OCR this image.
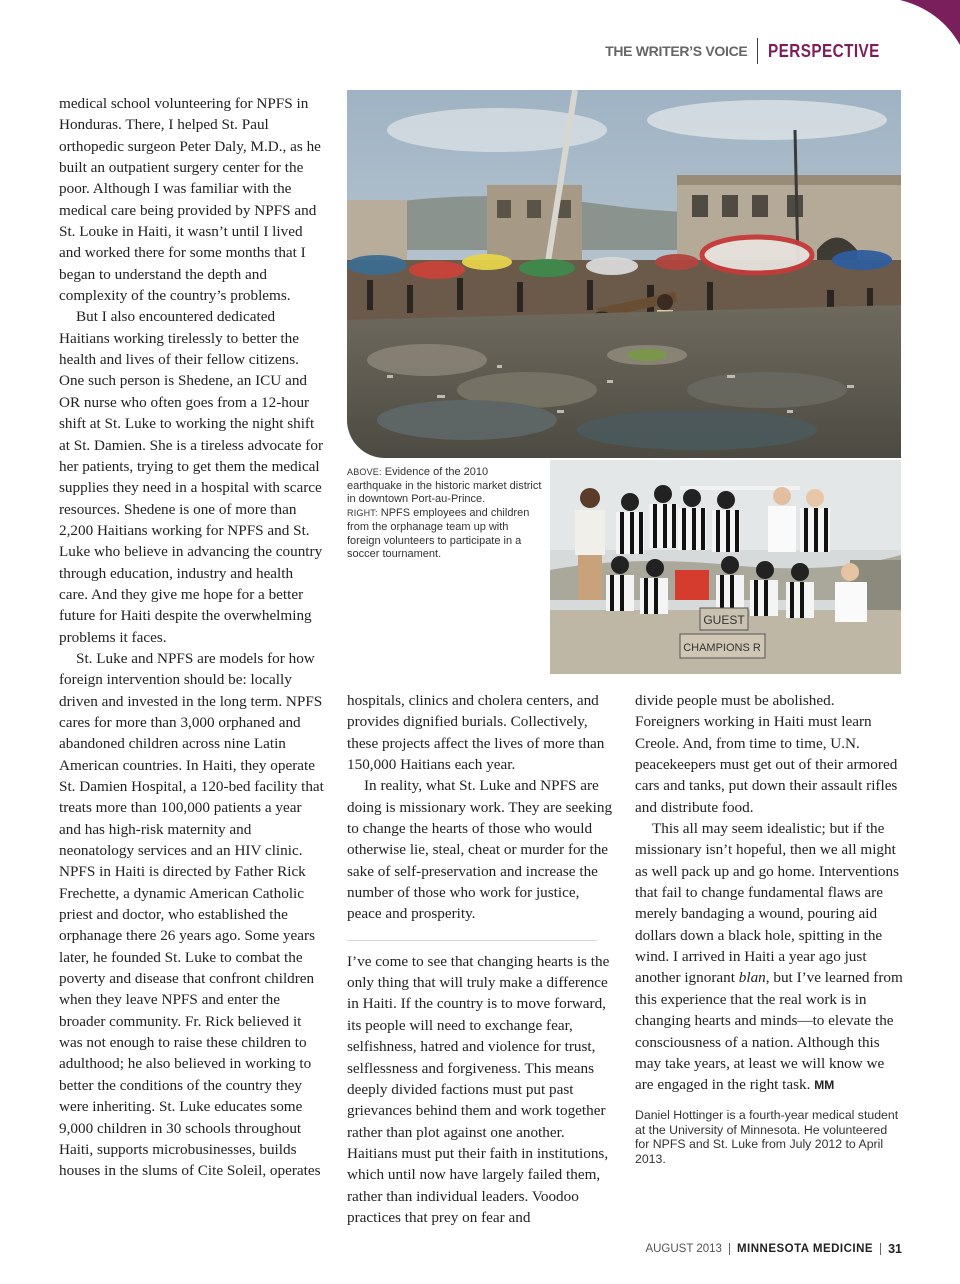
THE WRITER’S VOICE PERSPECTIVE

medical school volunteering for NPFS in Honduras. There, I helped St. Paul orthopedic surgeon Peter Daly, M.D., as he built an outpatient surgery center for the poor. Although I was familiar with the medical care being provided by NPFS and St. Louke in Haiti, it wasn’t until I lived and worked there for some months that I began to understand the depth and complexity of the country’s problems.

But I also encountered dedicated Haitians working tirelessly to better the health and lives of their fellow citizens. One such person is Shedene, an ICU and OR nurse who often goes from a 12-hour shift at St. Luke to working the night shift at St. Damien. She is a tireless advocate for her patients, trying to get them the medical supplies they need in a hospital with scarce resources. Shedene is one of more than 2,200 Haitians working for NPFS and St. Luke who believe in advancing the country through education, industry and health care. And they give me hope for a better future for Haiti despite the overwhelming problems it faces.

St. Luke and NPFS are models for how foreign intervention should be: locally driven and invested in the long term. NPFS cares for more than 3,000 orphaned and abandoned children across nine Latin American countries. In Haiti, they operate St. Damien Hospital, a 120-bed facility that treats more than 100,000 patients a year and has high-risk maternity and neonatology services and an HIV clinic. NPFS in Haiti is directed by Father Rick Frechette, a dynamic American Catholic priest and doctor, who established the orphanage there 26 years ago. Some years later, he founded St. Luke to combat the poverty and disease that confront children when they leave NPFS and enter the broader community. Fr. Rick believed it was not enough to raise these children to adulthood; he also believed in working to better the conditions of the country they were inheriting. St. Luke educates some 9,000 children in 30 schools throughout Haiti, supports microbusinesses, builds houses in the slums of Cite Soleil, operates

ABOVE: Evidence of the 2010 earthquake in the historic market district in downtown Port-au-Prince.
RIGHT: NPFS employees and children from the orphanage team up with foreign volunteers to participate in a soccer tournament.
GUEST
CHAMPIONS R

hospitals, clinics and cholera centers, and provides dignified burials. Collectively, these projects affect the lives of more than 150,000 Haitians each year.

In reality, what St. Luke and NPFS are doing is missionary work. They are seeking to change the hearts of those who would otherwise lie, steal, cheat or murder for the sake of self-preservation and increase the number of those who work for justice, peace and prosperity.

I’ve come to see that changing hearts is the only thing that will truly make a difference in Haiti. If the country is to move forward, its people will need to exchange fear, selfishness, hatred and violence for trust, selflessness and forgiveness. This means deeply divided factions must put past grievances behind them and work together rather than plot against one another. Haitians must put their faith in institutions, which until now have largely failed them, rather than individual leaders. Voodoo practices that prey on fear and

divide people must be abolished. Foreigners working in Haiti must learn Creole. And, from time to time, U.N. peacekeepers must get out of their armored cars and tanks, put down their assault rifles and distribute food.

This all may seem idealistic; but if the missionary isn’t hopeful, then we all might as well pack up and go home. Interventions that fail to change fundamental flaws are merely bandaging a wound, pouring aid dollars down a black hole, spitting in the wind. I arrived in Haiti a year ago just another ignorant blan, but I’ve learned from this experience that the real work is in changing hearts and minds—to elevate the consciousness of a nation. Although this may take years, at least we will know we are engaged in the right task. MM

Daniel Hottinger is a fourth-year medical student at the University of Minnesota. He volunteered for NPFS and St. Luke from July 2012 to April 2013.
AUGUST 2013 MINNESOTA MEDICINE 31
